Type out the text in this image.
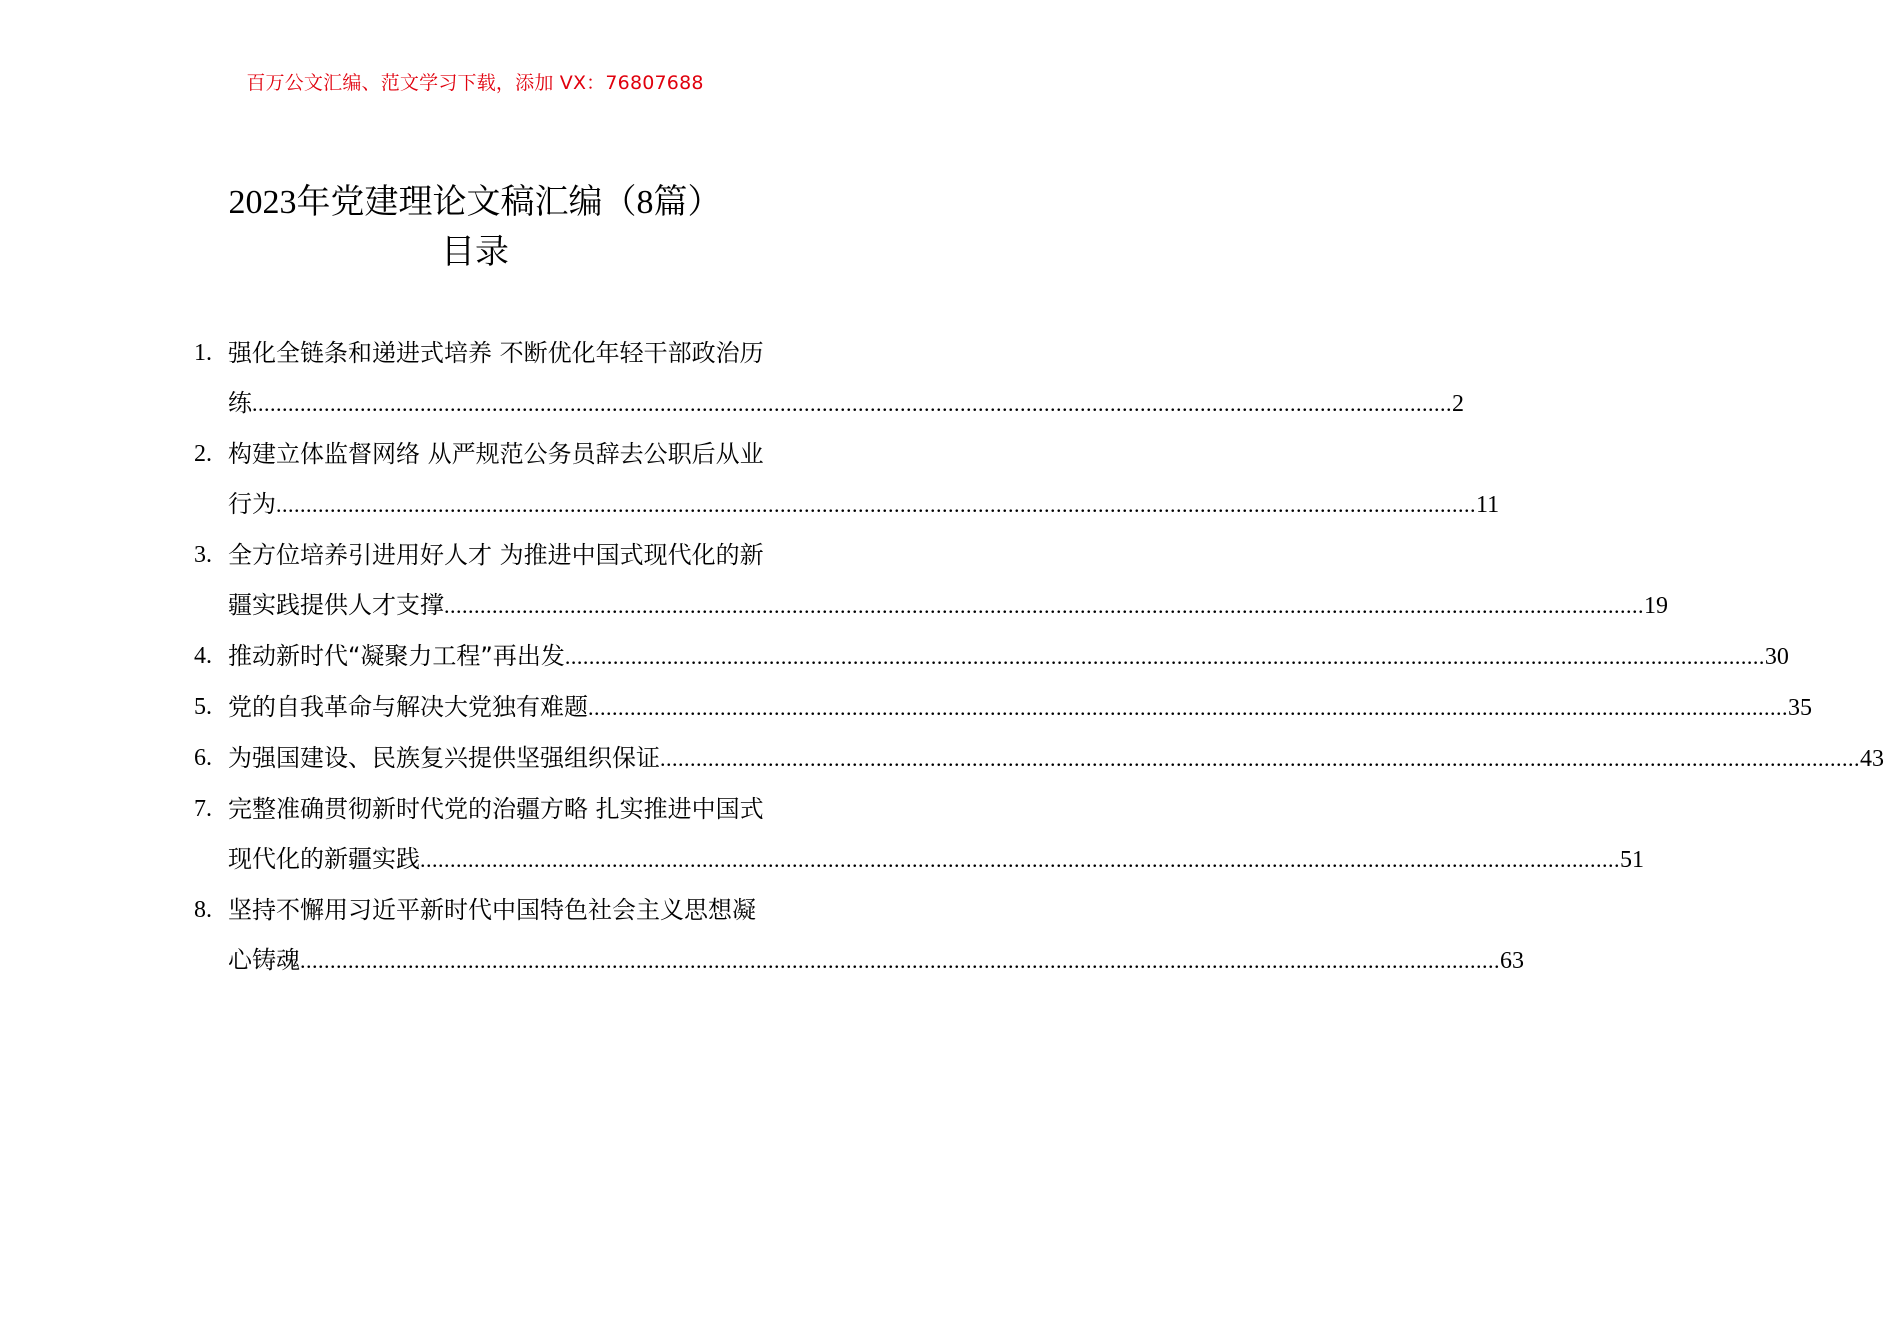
百万公文汇编、范文学习下载，添加 VX：76807688
2023年党建理论文稿汇编（8篇）
目录
1. 强化全链条和递进式培养 不断优化年轻干部政治历
练 ........................................................................................................................................................................................................ 2
2. 构建立体监督网络 从严规范公务员辞去公职后从业
行为 ........................................................................................................................................................................................................ 11
3. 全方位培养引进用好人才 为推进中国式现代化的新
疆实践提供人才支撑 ........................................................................................................................................................................................................ 19
4. 推动新时代“凝聚力工程”再出发 ........................................................................................................................................................................................................ 30
5. 党的自我革命与解决大党独有难题 ........................................................................................................................................................................................................ 35
6. 为强国建设、民族复兴提供坚强组织保证 ........................................................................................................................................................................................................ 43
7. 完整准确贯彻新时代党的治疆方略 扎实推进中国式
现代化的新疆实践 ........................................................................................................................................................................................................ 51
8. 坚持不懈用习近平新时代中国特色社会主义思想凝
心铸魂 ........................................................................................................................................................................................................ 63
